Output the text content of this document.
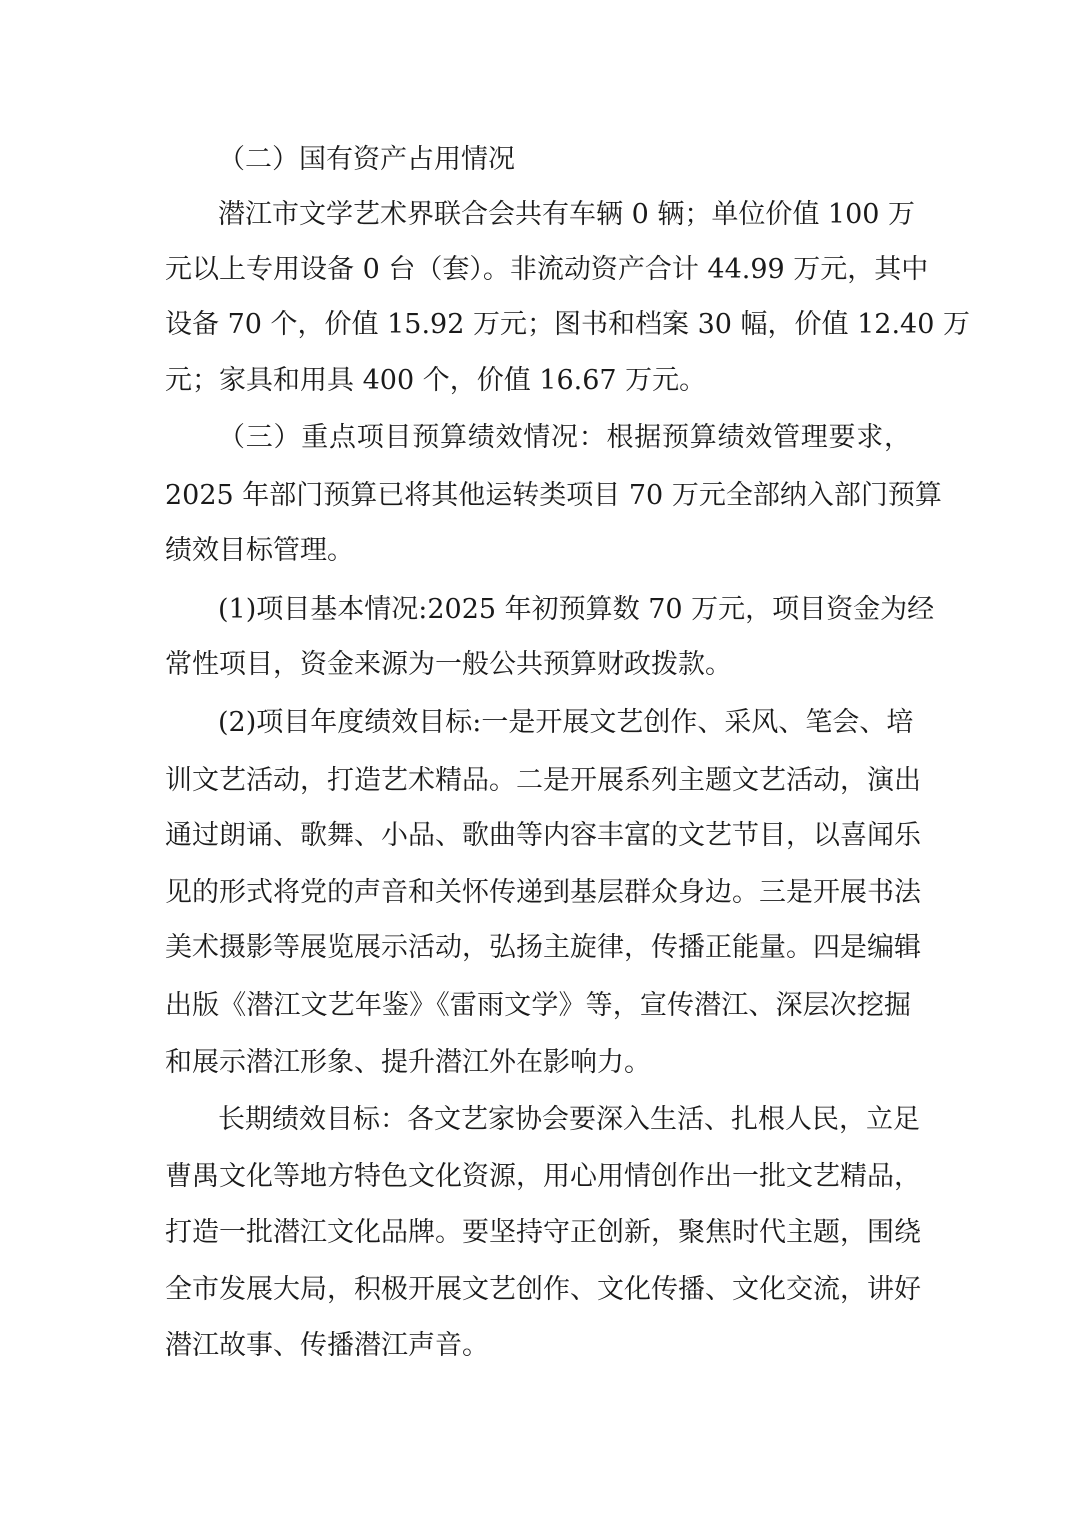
（二）国有资产占用情况
潜江市文学艺术界联合会共有车辆 0 辆；单位价值 100 万
元以上专用设备 0 台（套）。非流动资产合计 44.99 万元，其中
设备 70 个，价值 15.92 万元；图书和档案 30 幅，价值 12.40 万
元；家具和用具 400 个，价值 16.67 万元。
（三）重点项目预算绩效情况：根据预算绩效管理要求，
2025 年部门预算已将其他运转类项目 70 万元全部纳入部门预算
绩效目标管理。
(1)项目基本情况:2025 年初预算数 70 万元，项目资金为经
常性项目，资金来源为一般公共预算财政拨款。
(2)项目年度绩效目标:一是开展文艺创作、采风、笔会、培
训文艺活动，打造艺术精品。二是开展系列主题文艺活动，演出
通过朗诵、歌舞、小品、歌曲等内容丰富的文艺节目，以喜闻乐
见的形式将党的声音和关怀传递到基层群众身边。三是开展书法
美术摄影等展览展示活动，弘扬主旋律，传播正能量。四是编辑
出版《潜江文艺年鉴》《雷雨文学》等，宣传潜江、深层次挖掘
和展示潜江形象、提升潜江外在影响力。
长期绩效目标：各文艺家协会要深入生活、扎根人民，立足
曹禺文化等地方特色文化资源，用心用情创作出一批文艺精品，
打造一批潜江文化品牌。要坚持守正创新，聚焦时代主题，围绕
全市发展大局，积极开展文艺创作、文化传播、文化交流，讲好
潜江故事、传播潜江声音。
